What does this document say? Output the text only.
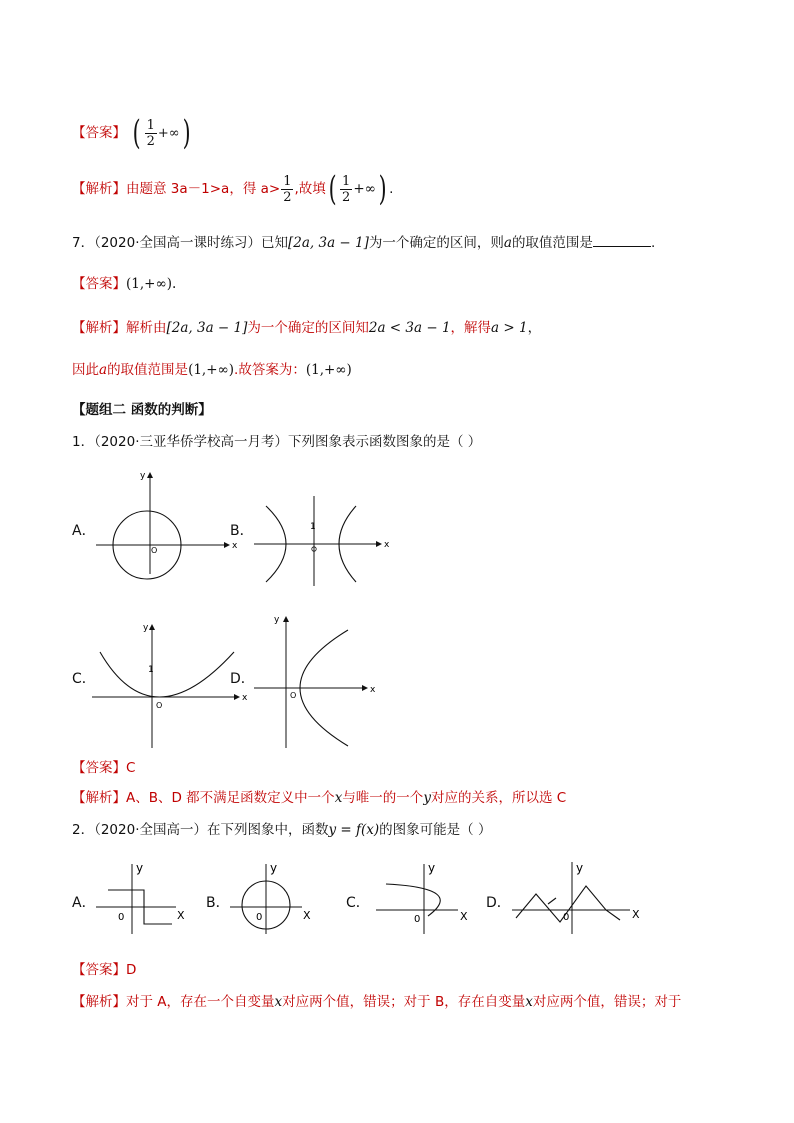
【答案】 ( $\frac{1}{2}$ +∞)
【解析】由题意 3a－1>a，得 $a> \frac{1}{2}$ ,故填( $\frac{1}{2}$ +∞) .
7．（2020·全国高一课时练习）已知[2a, 3a − 1]为一个确定的区间，则a的取值范围是	.
【答案】(1,+∞).
【解析】解析由[2a, 3a − 1]为一个确定的区间知2a < 3a − 1，解得a > 1，
因此a的取值范围是(1,+∞).故答案为：(1,+∞)
【题组二 函数的判断】
1．（2020·三亚华侨学校高一月考）下列图象表示函数图象的是（ ）
A．
x
y
O
B．	1
x
C．
x
y
1
O
D．
x
y
O
【答案】C
【解析】A、B、D 都不满足函数定义中一个x与唯一的一个y对应的关系，所以选 C
2．（2020·全国高一）在下列图象中，函数y = f(x)的图象可能是（ ）
A．
y
X
0
B．
y
X
0
C．
y
X
0
D．
y
X
0
【答案】D
【解析】对于 A，存在一个自变量x对应两个值，错误；对于 B，存在自变量x对应两个值，错误；对于
